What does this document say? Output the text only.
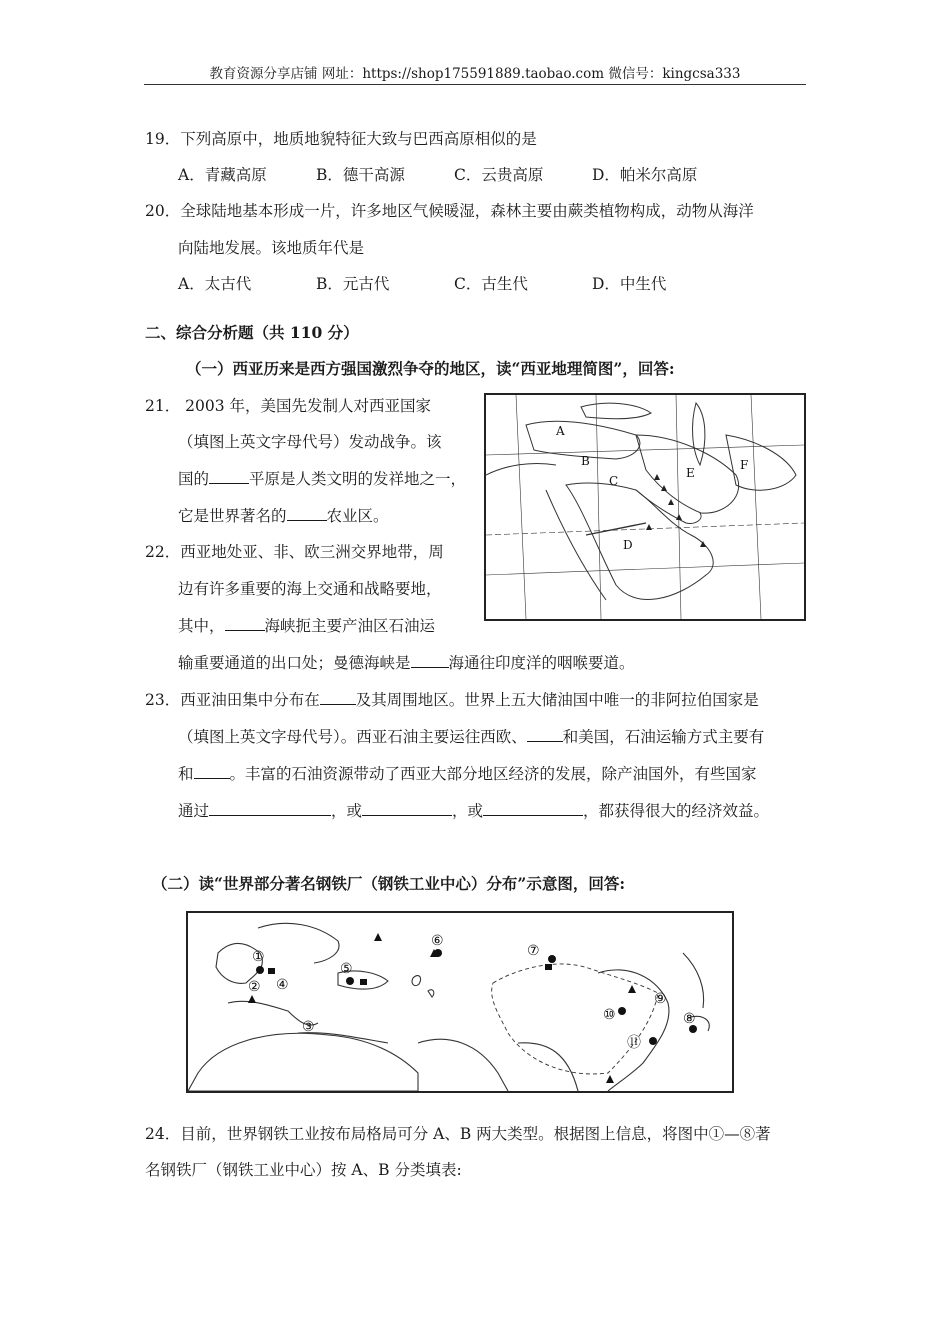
教育资源分享店铺 网址：https://shop175591889.taobao.com 微信号：kingcsa333
19．下列高原中，地质地貌特征大致与巴西高原相似的是
A．青藏高原	B．德干高源	C．云贵高原	D．帕米尔高原
20．全球陆地基本形成一片，许多地区气候暖湿，森林主要由蕨类植物构成，动物从海洋
向陆地发展。该地质年代是
A．太古代	B．元古代	C．古生代	D．中生代
二、综合分析题（共 110 分）
（一）西亚历来是西方强国激烈争夺的地区，读“西亚地理简图”，回答:
21． 2003 年，美国先发制人对西亚国家
（填图上英文字母代号）发动战争。该
国的	平原是人类文明的发祥地之一，
它是世界著名的	农业区。
22．西亚地处亚、非、欧三洲交界地带，周
边有许多重要的海上交通和战略要地，
其中，	海峡扼主要产油区石油运
输重要通道的出口处；曼德海峡是 海通往印度洋的咽喉要道。
23．西亚油田集中分布在 及其周围地区。世界上五大储油国中唯一的非阿拉伯国家是
（填图上英文字母代号）。西亚石油主要运往西欧、 和美国，石油运输方式主要有
和 。丰富的石油资源带动了西亚大部分地区经济的发展，除产油国外，有些国家
通过	，或	，或	，都获得很大的经济效益。
（二）读“世界部分著名钢铁厂（钢铁工业中心）分布”示意图，回答:
24．目前，世界钢铁工业按布局格局可分 A、B 两大类型。根据图上信息，将图中①—⑧著
名钢铁厂（钢铁工业中心）按 A、B 分类填表:
A
B
C
D
E
F
①
②
③
④
⑤
⑥
⑦
⑧
⑨
⑩
⑪
